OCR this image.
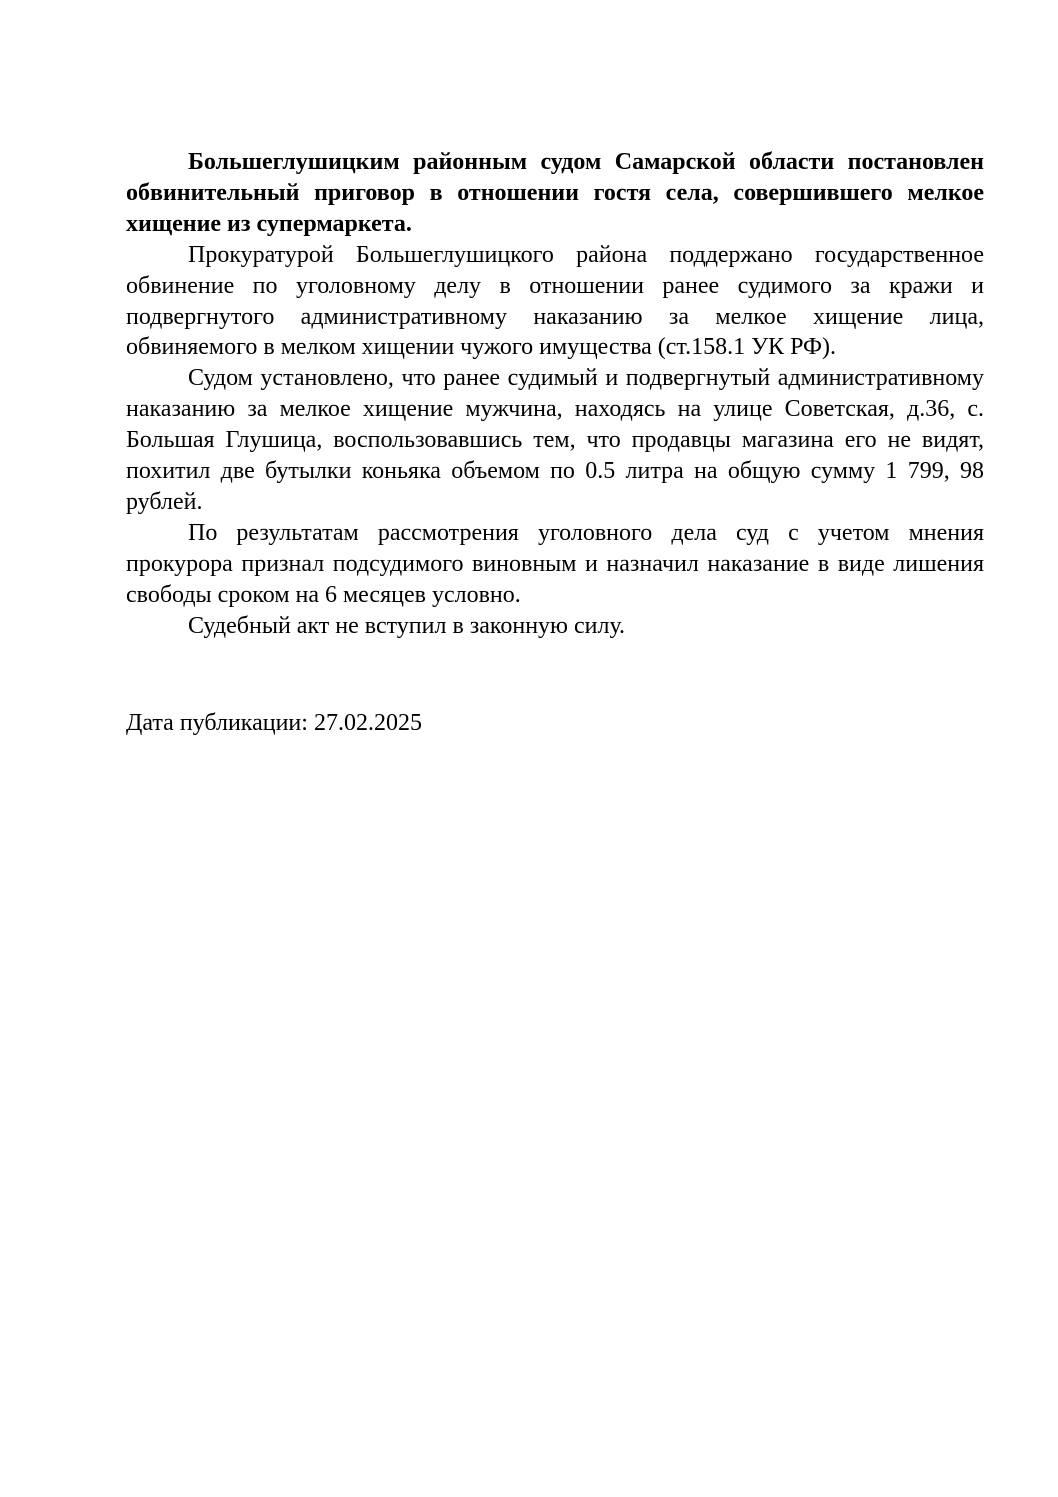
Большеглушицким районным судом Самарской области постановлен обвинительный приговор в отношении гостя села, совершившего мелкое хищение из супермаркета.

Прокуратурой Большеглушицкого района поддержано государственное обвинение по уголовному делу в отношении ранее судимого за кражи и подвергнутого административному наказанию за мелкое хищение лица, обвиняемого в мелком хищении чужого имущества (ст.158.1 УК РФ).

Судом установлено, что ранее судимый и подвергнутый административному наказанию за мелкое хищение мужчина, находясь на улице Советская, д.36, с. Большая Глушица, воспользовавшись тем, что продавцы магазина его не видят, похитил две бутылки коньяка объемом по 0.5 литра на общую сумму 1 799, 98 рублей.

По результатам рассмотрения уголовного дела суд с учетом мнения прокурора признал подсудимого виновным и назначил наказание в виде лишения свободы сроком на 6 месяцев условно.

Судебный акт не вступил в законную силу.

Дата публикации: 27.02.2025
